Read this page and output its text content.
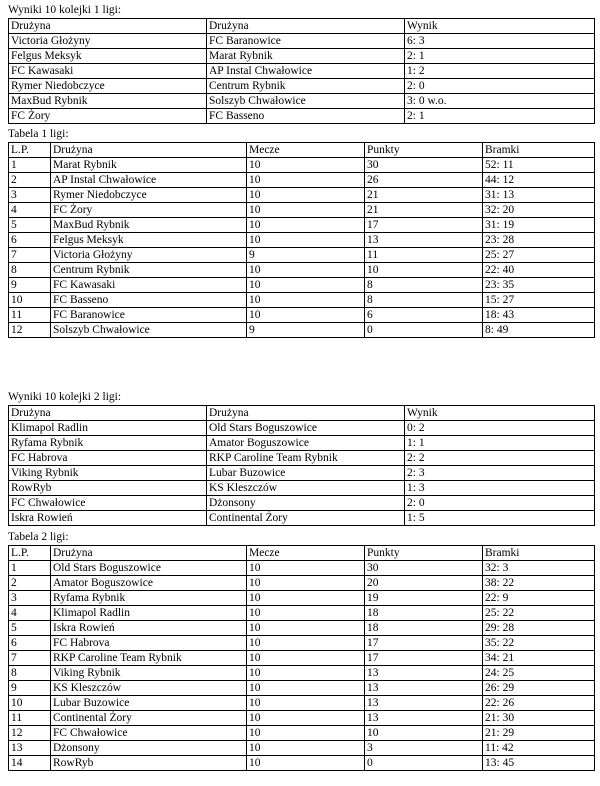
Wyniki 10 kolejki 1 ligi:
Drużyna	Drużyna	Wynik
Victoria Głożyny	FC Baranowice	6: 3
Felgus Meksyk	Marat Rybnik	2: 1
FC Kawasaki	AP Instal Chwałowice	1: 2
Rymer Niedobczyce	Centrum Rybnik	2: 0
MaxBud Rybnik	Solszyb Chwałowice	3: 0 w.o.
FC Żory	FC Basseno	2: 1
Tabela 1 ligi:
L.P.	Drużyna	Mecze	Punkty	Bramki
1	Marat Rybnik	10	30	52: 11
2	AP Instal Chwałowice	10	26	44: 12
3	Rymer Niedobczyce	10	21	31: 13
4	FC Żory	10	21	32: 20
5	MaxBud Rybnik	10	17	31: 19
6	Felgus Meksyk	10	13	23: 28
7	Victoria Głożyny	9	11	25: 27
8	Centrum Rybnik	10	10	22: 40
9	FC Kawasaki	10	8	23: 35
10	FC Basseno	10	8	15: 27
11	FC Baranowice	10	6	18: 43
12	Solszyb Chwałowice	9	0	8: 49
Wyniki 10 kolejki 2 ligi:
Drużyna	Drużyna	Wynik
Klimapol Radlin	Old Stars Boguszowice	0: 2
Ryfama Rybnik	Amator Boguszowice	1: 1
FC Habrova	RKP Caroline Team Rybnik	2: 2
Viking Rybnik	Lubar Buzowice	2: 3
RowRyb	KS Kleszczów	1: 3
FC Chwałowice	Dżonsony	2: 0
Iskra Rowień	Continental Żory	1: 5
Tabela 2 ligi:
L.P.	Drużyna	Mecze	Punkty	Bramki
1	Old Stars Boguszowice	10	30	32: 3
2	Amator Boguszowice	10	20	38: 22
3	Ryfama Rybnik	10	19	22: 9
4	Klimapol Radlin	10	18	25: 22
5	Iskra Rowień	10	18	29: 28
6	FC Habrova	10	17	35: 22
7	RKP Caroline Team Rybnik	10	17	34: 21
8	Viking Rybnik	10	13	24: 25
9	KS Kleszczów	10	13	26: 29
10	Lubar Buzowice	10	13	22: 26
11	Continental Żory	10	13	21: 30
12	FC Chwałowice	10	10	21: 29
13	Dżonsony	10	3	11: 42
14	RowRyb	10	0	13: 45
